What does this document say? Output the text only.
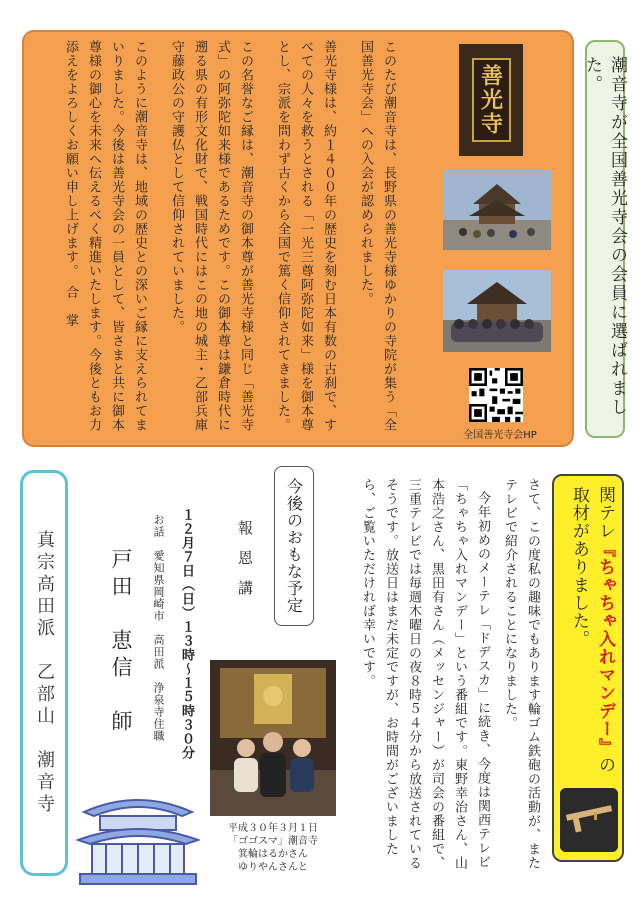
このたび潮音寺は、長野県の善光寺様ゆかりの寺院が集う「全国善光寺会」への入会が認められました。

善光寺様は、約１４００年の歴史を刻む日本有数の古刹で、すべての人々を救うとされる「一光三尊阿弥陀如来」様を御本尊とし、宗派を問わず古くから全国で篤く信仰されてきました。

この名誉なご縁は、潮音寺の御本尊が善光寺様と同じ「善光寺式」の阿弥陀如来様であるためです。この御本尊は鎌倉時代に遡る県の有形文化財で、戦国時代にはこの地の城主・乙部兵庫守藤政公の守護仏として信仰されていました。

このように潮音寺は、地域の歴史との深いご縁に支えられてまいりました。今後は善光寺会の一員として、皆さまと共に御本尊様の御心を未来へ伝えるべく精進いたします。今後ともお力添えをよろしくお願い申し上げます。　合　掌	善光寺
全国善光寺会HP
潮音寺が全国善光寺会の会員に選ばれました。
関テレ『ちゃちゃ入れマンデー』の
取材がありました。

さて、この度私の趣味でもあります輪ゴム鉄砲の活動が、またテレビで紹介されることになりました。

今年初めのメーテレ「ドデスカ」に続き、今度は関西テレビ「ちゃちゃ入れマンデー」という番組です。東野幸治さん、山本浩之さん、黒田有さん（メッセンジャー）が司会の番組で、三重テレビでは毎週木曜日の夜８時５４分から放送されているそうです。放送日はまだ未定ですが、お時間がございましたら、ご覧いただければ幸いです。

今後のおもな予定
報　恩　講
１２月７日（日）１３時～１５時３０分
お話　愛知県岡崎市　高田派　浄泉寺住職
戸田　恵信　師
平成３０年３月１日
「ゴゴスマ」潮音寺
箕輪はるかさん
ゆりやんさんと
真宗高田派　乙部山　潮音寺
